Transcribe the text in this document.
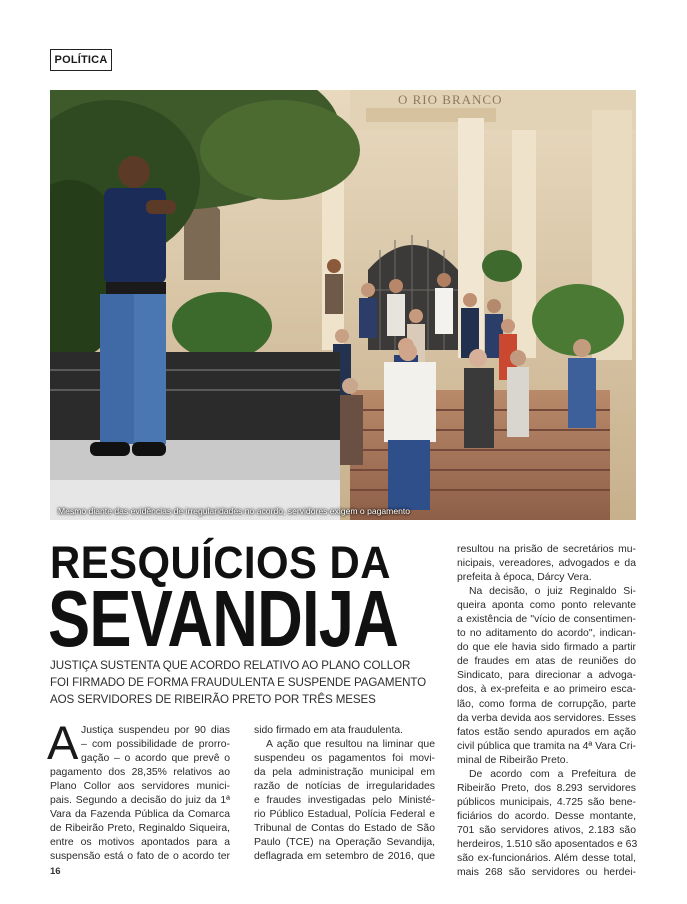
POLÍTICA
O RIO BRANCO
Mesmo diante das evidências de irregularidades no acordo, servidores exigem o pagamento
RESQUÍCIOS DA
SEVANDIJA
JUSTIÇA SUSTENTA QUE ACORDO RELATIVO AO PLANO COLLOR
FOI FIRMADO DE FORMA FRAUDULENTA E SUSPENDE PAGAMENTO
AOS SERVIDORES DE RIBEIRÃO PRETO POR TRÊS MESES
A Justiça suspendeu por 90 dias
– com possibilidade de prorro-
gação – o acordo que prevê o
pagamento dos 28,35% relativos ao
Plano Collor aos servidores munici-
pais. Segundo a decisão do juiz da 1ª
Vara da Fazenda Pública da Comarca
de Ribeirão Preto, Reginaldo Siqueira,
entre os motivos apontados para a
suspensão está o fato de o acordo ter
sido firmado em ata fraudulenta.
A ação que resultou na liminar que
suspendeu os pagamentos foi movi-
da pela administração municipal em
razão de notícias de irregularidades
e fraudes investigadas pelo Ministé-
rio Público Estadual, Polícia Federal e
Tribunal de Contas do Estado de São
Paulo (TCE) na Operação Sevandija,
deflagrada em setembro de 2016, que
resultou na prisão de secretários mu-
nicipais, vereadores, advogados e da
prefeita à época, Dárcy Vera.
Na decisão, o juiz Reginaldo Si-
queira aponta como ponto relevante
a existência de "vício de consentimen-
to no aditamento do acordo", indican-
do que ele havia sido firmado a partir
de fraudes em atas de reuniões do
Sindicato, para direcionar a advoga-
dos, à ex-prefeita e ao primeiro esca-
lão, como forma de corrupção, parte
da verba devida aos servidores. Esses
fatos estão sendo apurados em ação
civil pública que tramita na 4ª Vara Cri-
minal de Ribeirão Preto.
De acordo com a Prefeitura de
Ribeirão Preto, dos 8.293 servidores
públicos municipais, 4.725 são bene-
ficiários do acordo. Desse montante,
701 são servidores ativos, 2.183 são
herdeiros, 1.510 são aposentados e 63
são ex-funcionários. Além desse total,
mais 268 são servidores ou herdei-
16
